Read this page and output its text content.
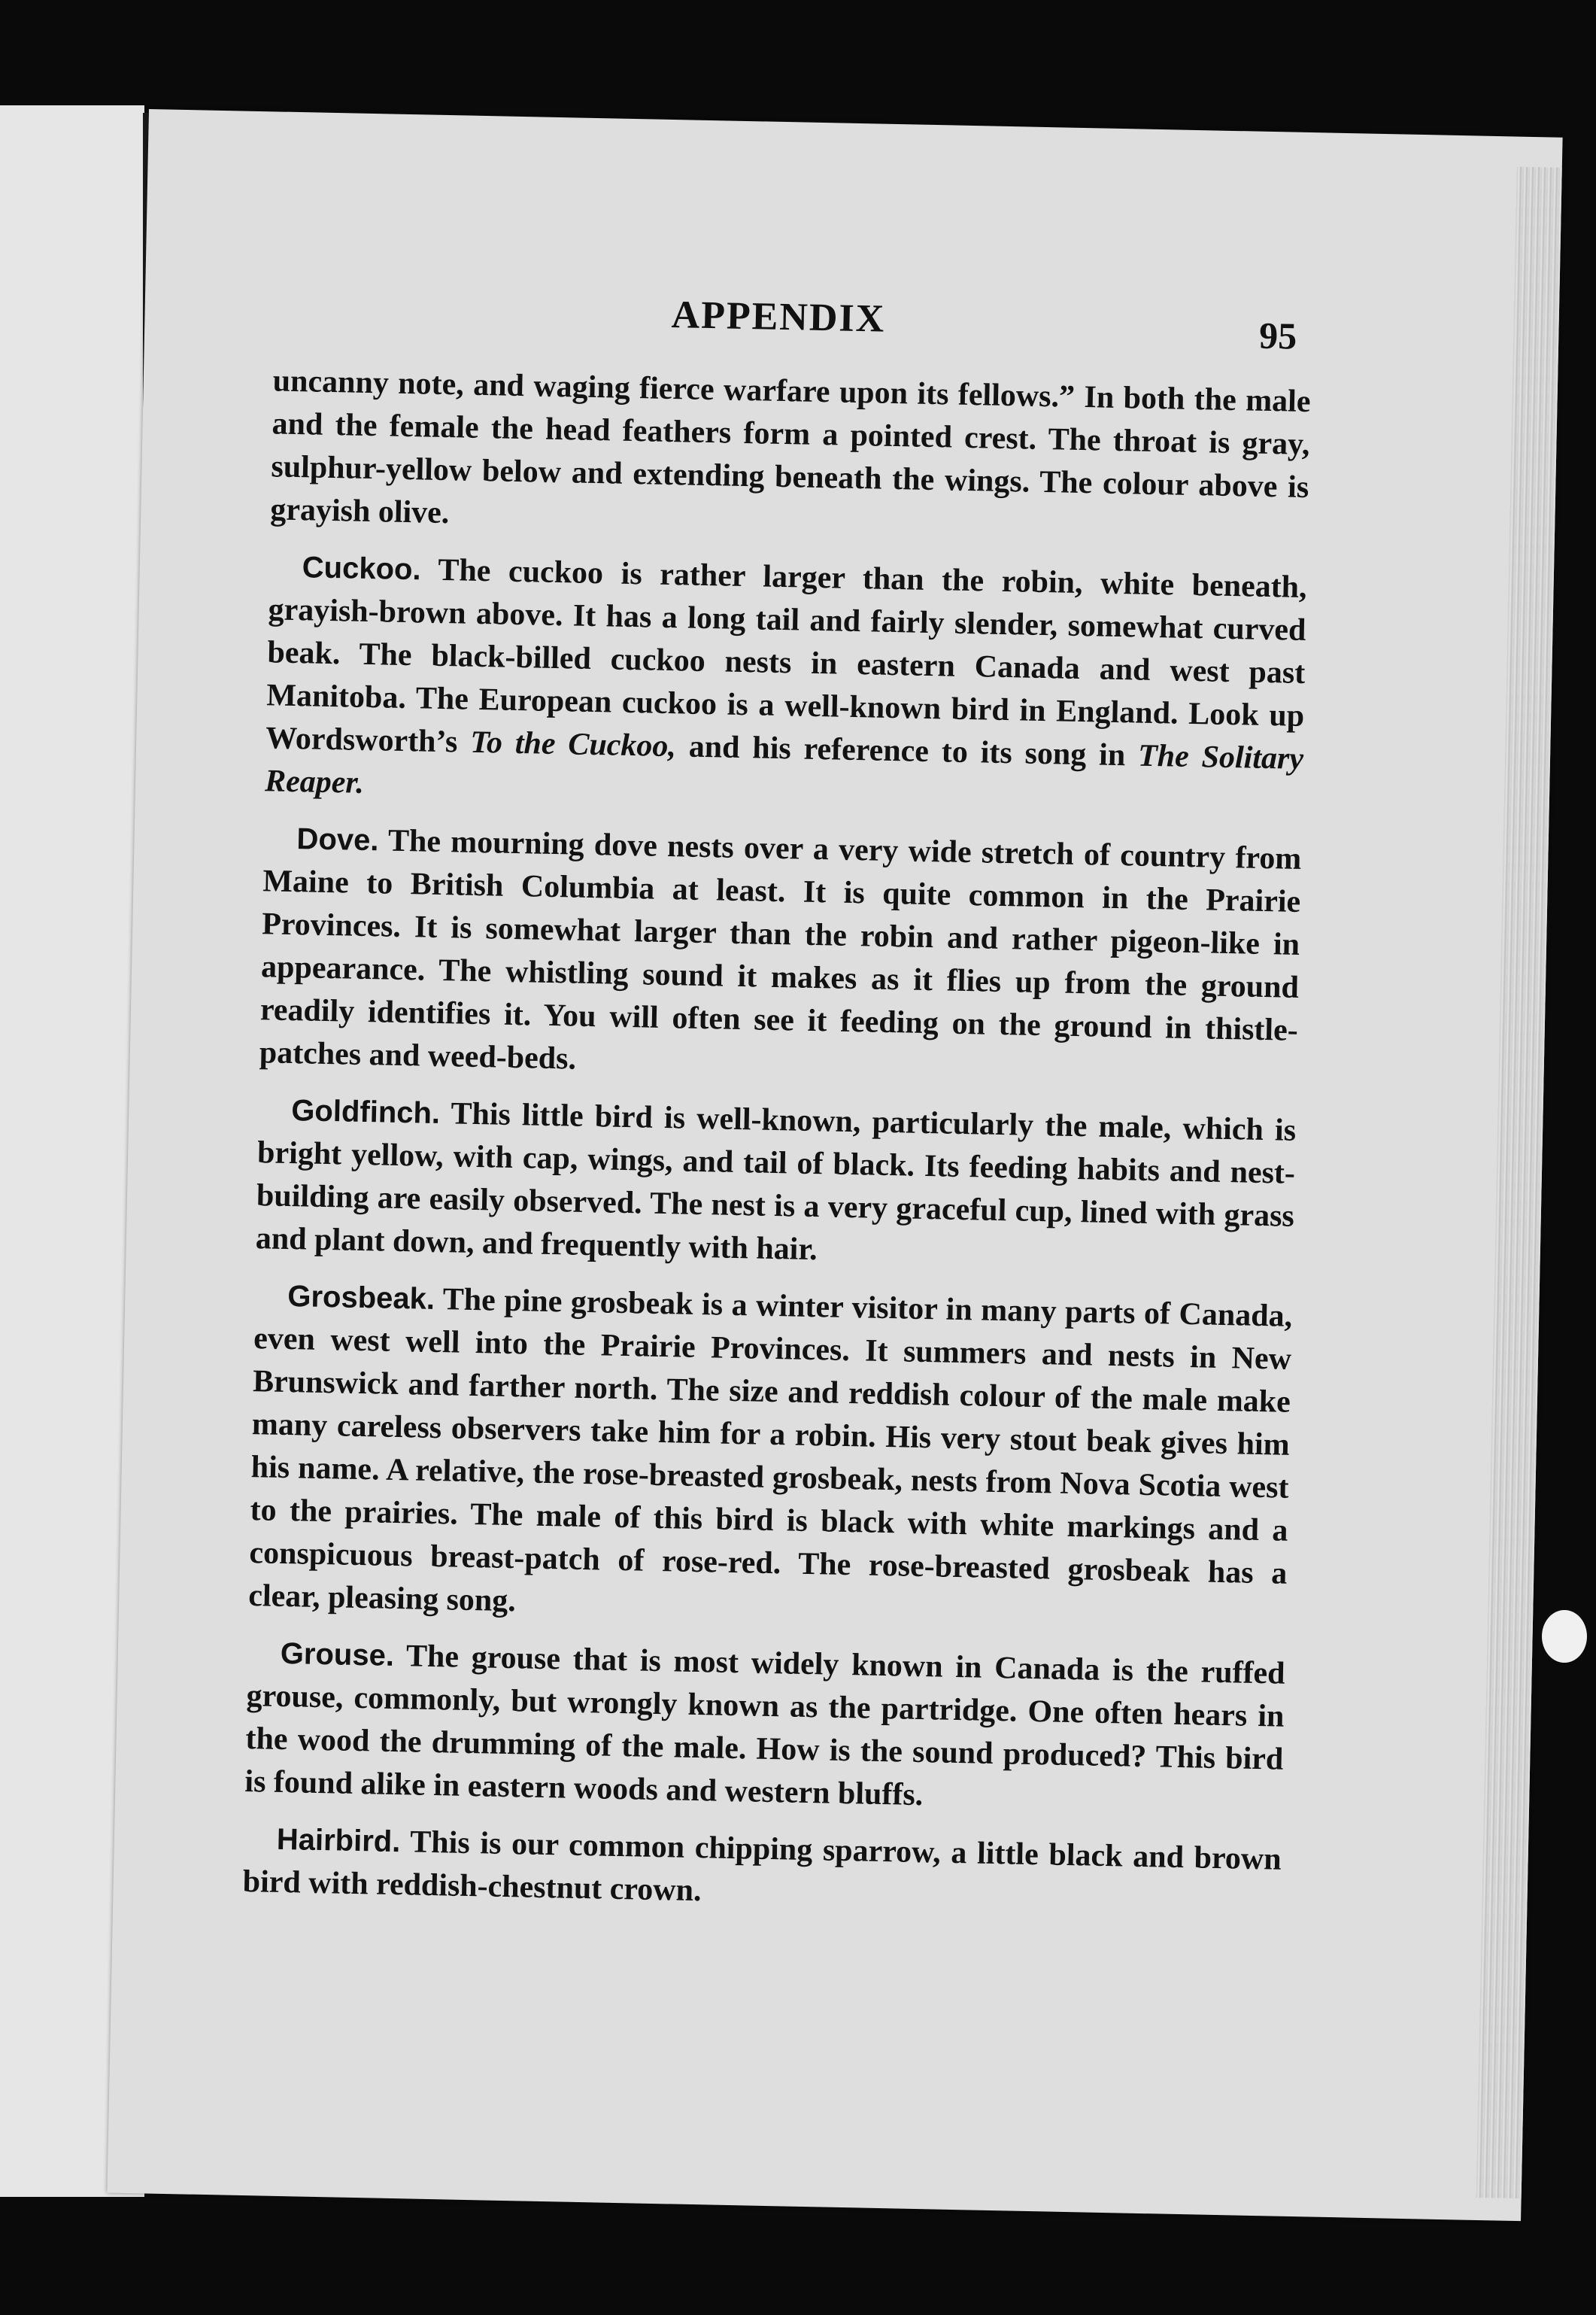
APPENDIX	95

uncanny note, and waging fierce warfare upon its fellows.” In both the male and the female the head feathers form a pointed crest. The throat is gray, sulphur-yellow below and extending beneath the wings. The colour above is grayish olive.

Cuckoo. The cuckoo is rather larger than the robin, white beneath, grayish-brown above. It has a long tail and fairly slender, somewhat curved beak. The black-billed cuckoo nests in eastern Canada and west past Manitoba. The European cuckoo is a well-known bird in England. Look up Wordsworth’s To the Cuckoo, and his reference to its song in The Solitary Reaper.

Dove. The mourning dove nests over a very wide stretch of country from Maine to British Columbia at least. It is quite common in the Prairie Provinces. It is somewhat larger than the robin and rather pigeon-like in appearance. The whistling sound it makes as it flies up from the ground readily identifies it. You will often see it feeding on the ground in thistle-patches and weed-beds.

Goldfinch. This little bird is well-known, particularly the male, which is bright yellow, with cap, wings, and tail of black. Its feeding habits and nest-building are easily observed. The nest is a very graceful cup, lined with grass and plant down, and frequently with hair.

Grosbeak. The pine grosbeak is a winter visitor in many parts of Canada, even west well into the Prairie Provinces. It summers and nests in New Brunswick and farther north. The size and reddish colour of the male make many careless observers take him for a robin. His very stout beak gives him his name. A relative, the rose-breasted grosbeak, nests from Nova Scotia west to the prairies. The male of this bird is black with white markings and a conspicuous breast-patch of rose-red. The rose-breasted grosbeak has a clear, pleasing song.

Grouse. The grouse that is most widely known in Canada is the ruffed grouse, commonly, but wrongly known as the partridge. One often hears in the wood the drumming of the male. How is the sound produced? This bird is found alike in eastern woods and western bluffs.

Hairbird. This is our common chipping sparrow, a little black and brown bird with reddish-chestnut crown.
